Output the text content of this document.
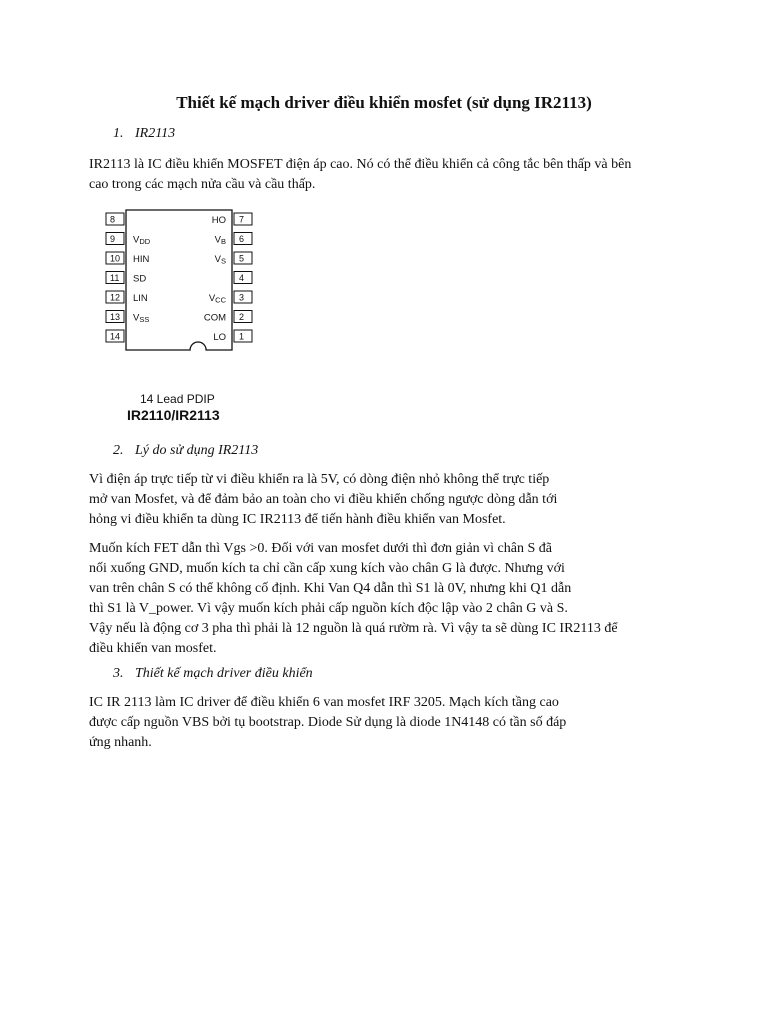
Thiết kế mạch driver điều khiển mosfet (sử dụng IR2113)
1. IR2113
IR2113 là IC điều khiển MOSFET điện áp cao. Nó có thể điều khiển cả công tắc bên thấp và bên
cao trong các mạch nửa cầu và cầu thấp.
8
9 VDD
10 HIN
11 SD
12 LIN
13 VSS
14
7
HO
6
VB
5
VS
4
3
VCC
2
COM
1
LO
14 Lead PDIP
IR2110/IR2113
2. Lý do sử dụng IR2113
Vì điện áp trực tiếp từ vi điều khiển ra là 5V, có dòng điện nhỏ không thể trực tiếp
mở van Mosfet, và để đảm bảo an toàn cho vi điều khiển chống ngược dòng dẫn tới
hỏng vi điều khiển ta dùng IC IR2113 để tiến hành điều khiển van Mosfet.
Muốn kích FET dẫn thì Vgs >0. Đối với van mosfet dưới thì đơn giản vì chân S đã
nối xuống GND, muốn kích ta chỉ cần cấp xung kích vào chân G là được. Nhưng với
van trên chân S có thể không cố định. Khi Van Q4 dẫn thì S1 là 0V, nhưng khi Q1 dẫn
thì S1 là V_power. Vì vậy muốn kích phải cấp nguồn kích độc lập vào 2 chân G và S.
Vậy nếu là động cơ 3 pha thì phải là 12 nguồn là quá rườm rà. Vì vậy ta sẽ dùng IC IR2113 để
điều khiển van mosfet.
3. Thiết kế mạch driver điều khiển
IC IR 2113 làm IC driver để điều khiển 6 van mosfet IRF 3205. Mạch kích tầng cao
được cấp nguồn VBS bởi tụ bootstrap. Diode Sử dụng là diode 1N4148 có tần số đáp
ứng nhanh.
